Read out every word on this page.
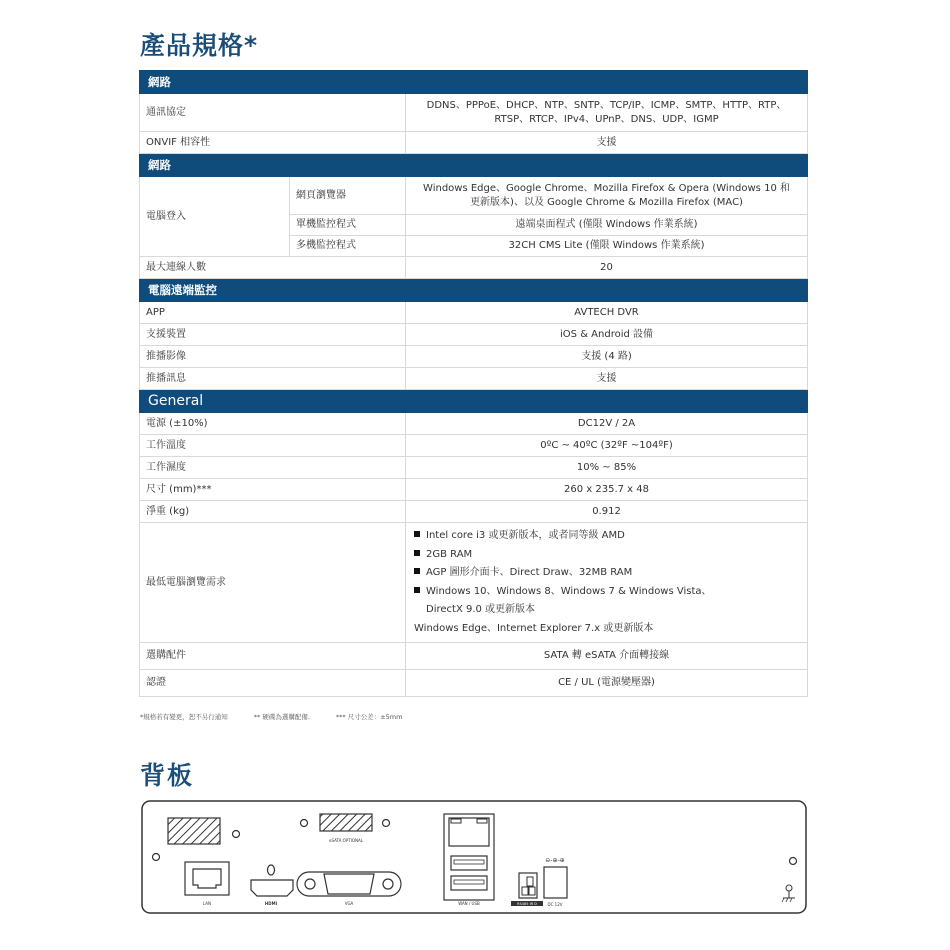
產品規格*
網路		
通訊協定		DDNS、PPPoE、DHCP、NTP、SNTP、TCP/IP、ICMP、SMTP、HTTP、RTP、
RTSP、RTCP、IPv4、UPnP、DNS、UDP、IGMP

ONVIF 相容性		支援
網路		
電腦登入	網頁瀏覽器	Windows Edge、Google Chrome、Mozilla Firefox & Opera (Windows 10 和
更新版本)、以及 Google Chrome & Mozilla Firefox (MAC)

	單機監控程式	遠端桌面程式 (僅限 Windows 作業系統)
	多機監控程式	32CH CMS Lite (僅限 Windows 作業系統)
最大連線人數		20
電腦遠端監控		
APP		AVTECH DVR
支援裝置		iOS & Android 設備
推播影像		支援 (4 路)
推播訊息		支援
General		
電源 (±10%)		DC12V / 2A
工作溫度		0ºC ~ 40ºC (32ºF ~104ºF)
工作濕度		10% ~ 85%
尺寸 (mm)***		260 x 235.7 x 48
淨重 (kg)		0.912
最低電腦瀏覽需求	
Intel core i3 或更新版本，或者同等級 AMD
2GB RAM
AGP 圖形介面卡、Direct Draw、32MB RAM
Windows 10、Windows 8、Windows 7 & Windows Vista、
DirectX 9.0 或更新版本
Windows Edge、Internet Explorer 7.x 或更新版本

選購配件		SATA 轉 eSATA 介面轉接線
認證		CE / UL (電源變壓器)
*規格若有變更，恕不另行通知	** 硬碟為選購配備.	*** 尺寸公差：±5mm
背板
eSATA OPTIONAL
LAN	HDMI	VGA	WAN / USB	RS485 IR D
⊖-⊕-⊕
DC 12V
